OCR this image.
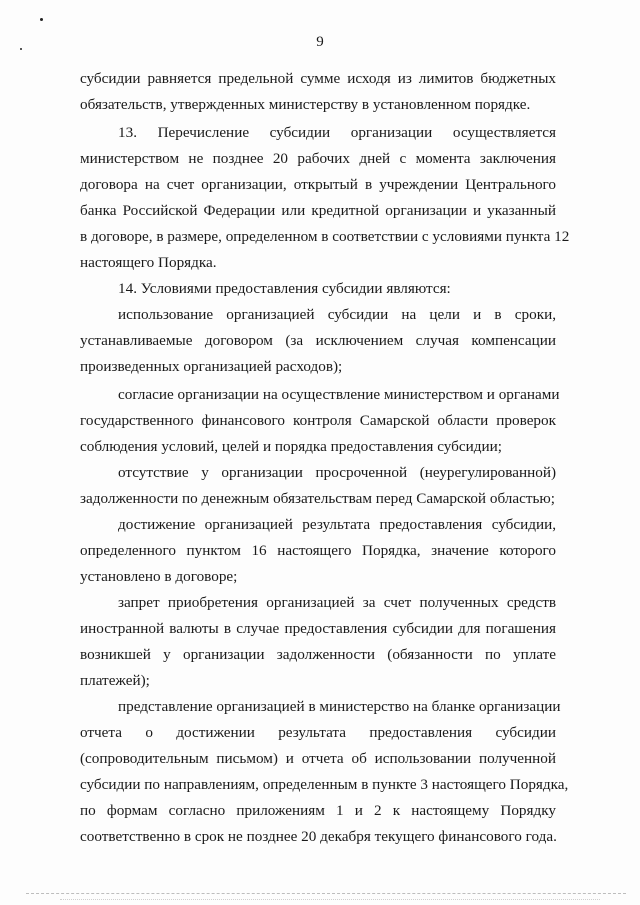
9
субсидии равняется предельной сумме исходя из лимитов бюджетных
обязательств, утвержденных министерству в установленном порядке.
13. Перечисление субсидии организации осуществляется
министерством не позднее 20 рабочих дней с момента заключения
договора на счет организации, открытый в учреждении Центрального
банка Российской Федерации или кредитной организации и указанный
в договоре, в размере, определенном в соответствии с условиями пункта 12
настоящего Порядка.
14. Условиями предоставления субсидии являются:
использование организацией субсидии на цели и в сроки,
устанавливаемые договором (за исключением случая компенсации
произведенных организацией расходов);
согласие организации на осуществление министерством и органами
государственного финансового контроля Самарской области проверок
соблюдения условий, целей и порядка предоставления субсидии;
отсутствие у организации просроченной (неурегулированной)
задолженности по денежным обязательствам перед Самарской областью;
достижение организацией результата предоставления субсидии,
определенного пунктом 16 настоящего Порядка, значение которого
установлено в договоре;
запрет приобретения организацией за счет полученных средств
иностранной валюты в случае предоставления субсидии для погашения
возникшей у организации задолженности (обязанности по уплате
платежей);
представление организацией в министерство на бланке организации
отчета о достижении результата предоставления субсидии
(сопроводительным письмом) и отчета об использовании полученной
субсидии по направлениям, определенным в пункте 3 настоящего Порядка,
по формам согласно приложениям 1 и 2 к настоящему Порядку
соответственно в срок не позднее 20 декабря текущего финансового года.
